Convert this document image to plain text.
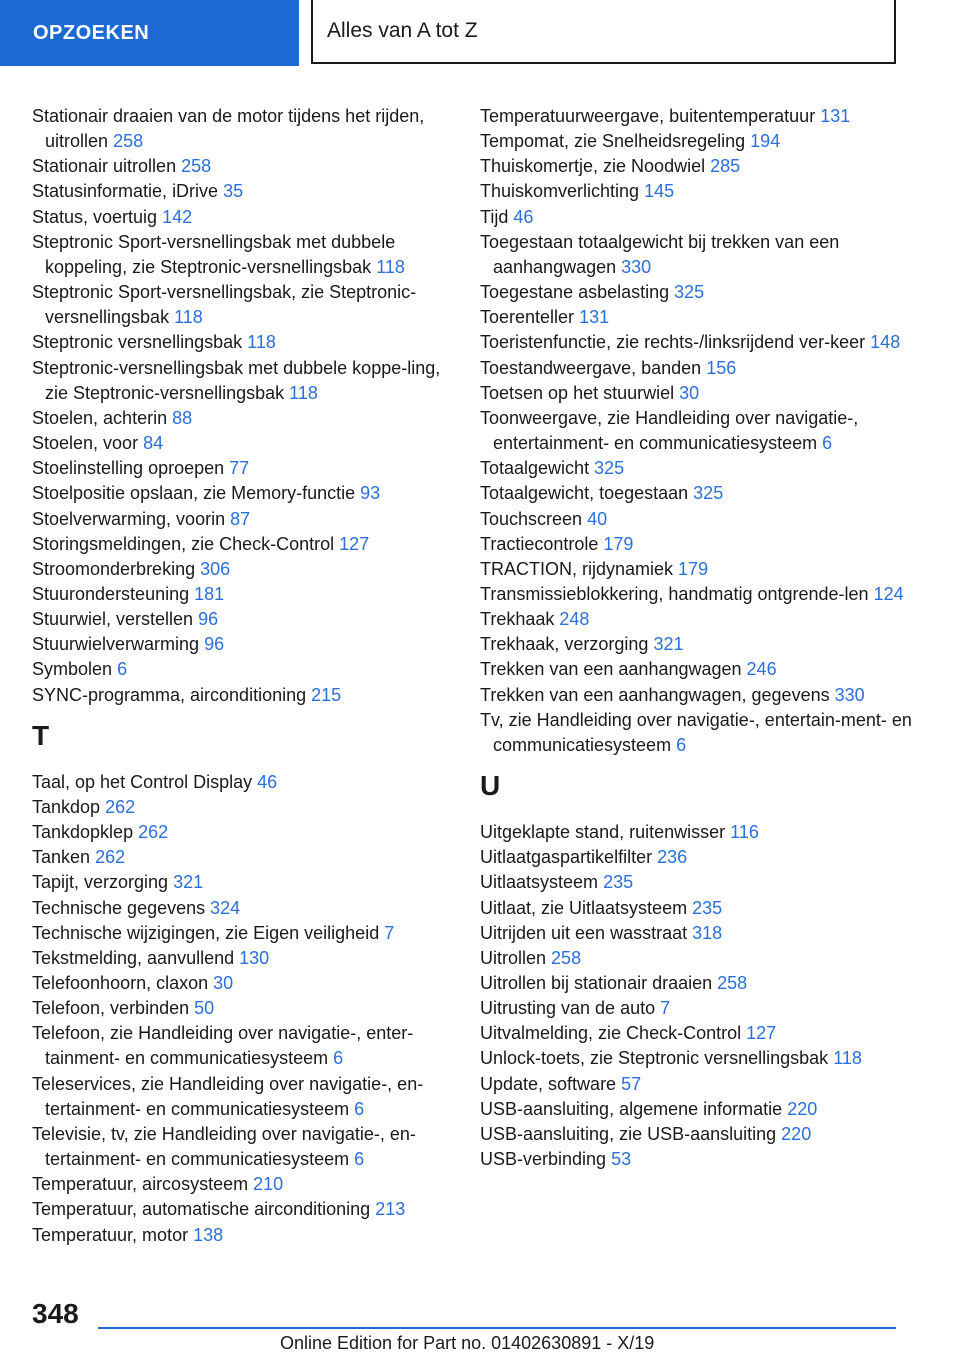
OPZOEKEN	Alles van A tot Z
Stationair draaien van de motor tijdens het rijden, uitrollen 258
Stationair uitrollen 258
Statusinformatie, iDrive 35
Status, voertuig 142
Steptronic Sport-versnellingsbak met dubbele koppeling, zie Steptronic-versnellingsbak 118
Steptronic Sport-versnellingsbak, zie Steptronic-versnellingsbak 118
Steptronic versnellingsbak 118
Steptronic-versnellingsbak met dubbele koppe-ling, zie Steptronic-versnellingsbak 118
Stoelen, achterin 88
Stoelen, voor 84
Stoelinstelling oproepen 77
Stoelpositie opslaan, zie Memory-functie 93
Stoelverwarming, voorin 87
Storingsmeldingen, zie Check-Control 127
Stroomonderbreking 306
Stuurondersteuning 181
Stuurwiel, verstellen 96
Stuurwielverwarming 96
Symbolen 6
SYNC-programma, airconditioning 215
T
Taal, op het Control Display 46
Tankdop 262
Tankdopklep 262
Tanken 262
Tapijt, verzorging 321
Technische gegevens 324
Technische wijzigingen, zie Eigen veiligheid 7
Tekstmelding, aanvullend 130
Telefoonhoorn, claxon 30
Telefoon, verbinden 50
Telefoon, zie Handleiding over navigatie-, enter-tainment- en communicatiesysteem 6
Teleservices, zie Handleiding over navigatie-, en-tertainment- en communicatiesysteem 6
Televisie, tv, zie Handleiding over navigatie-, en-tertainment- en communicatiesysteem 6
Temperatuur, aircosysteem 210
Temperatuur, automatische airconditioning 213
Temperatuur, motor 138
Temperatuurweergave, buitentemperatuur 131
Tempomat, zie Snelheidsregeling 194
Thuiskomertje, zie Noodwiel 285
Thuiskomverlichting 145
Tijd 46
Toegestaan totaalgewicht bij trekken van een aanhangwagen 330
Toegestane asbelasting 325
Toerenteller 131
Toeristenfunctie, zie rechts-/linksrijdend ver-keer 148
Toestandweergave, banden 156
Toetsen op het stuurwiel 30
Toonweergave, zie Handleiding over navigatie-, entertainment- en communicatiesysteem 6
Totaalgewicht 325
Totaalgewicht, toegestaan 325
Touchscreen 40
Tractiecontrole 179
TRACTION, rijdynamiek 179
Transmissieblokkering, handmatig ontgrende-len 124
Trekhaak 248
Trekhaak, verzorging 321
Trekken van een aanhangwagen 246
Trekken van een aanhangwagen, gegevens 330
Tv, zie Handleiding over navigatie-, entertain-ment- en communicatiesysteem 6
U
Uitgeklapte stand, ruitenwisser 116
Uitlaatgaspartikelfilter 236
Uitlaatsysteem 235
Uitlaat, zie Uitlaatsysteem 235
Uitrijden uit een wasstraat 318
Uitrollen 258
Uitrollen bij stationair draaien 258
Uitrusting van de auto 7
Uitvalmelding, zie Check-Control 127
Unlock-toets, zie Steptronic versnellingsbak 118
Update, software 57
USB-aansluiting, algemene informatie 220
USB-aansluiting, zie USB-aansluiting 220
USB-verbinding 53
348
Online Edition for Part no. 01402630891 - X/19
